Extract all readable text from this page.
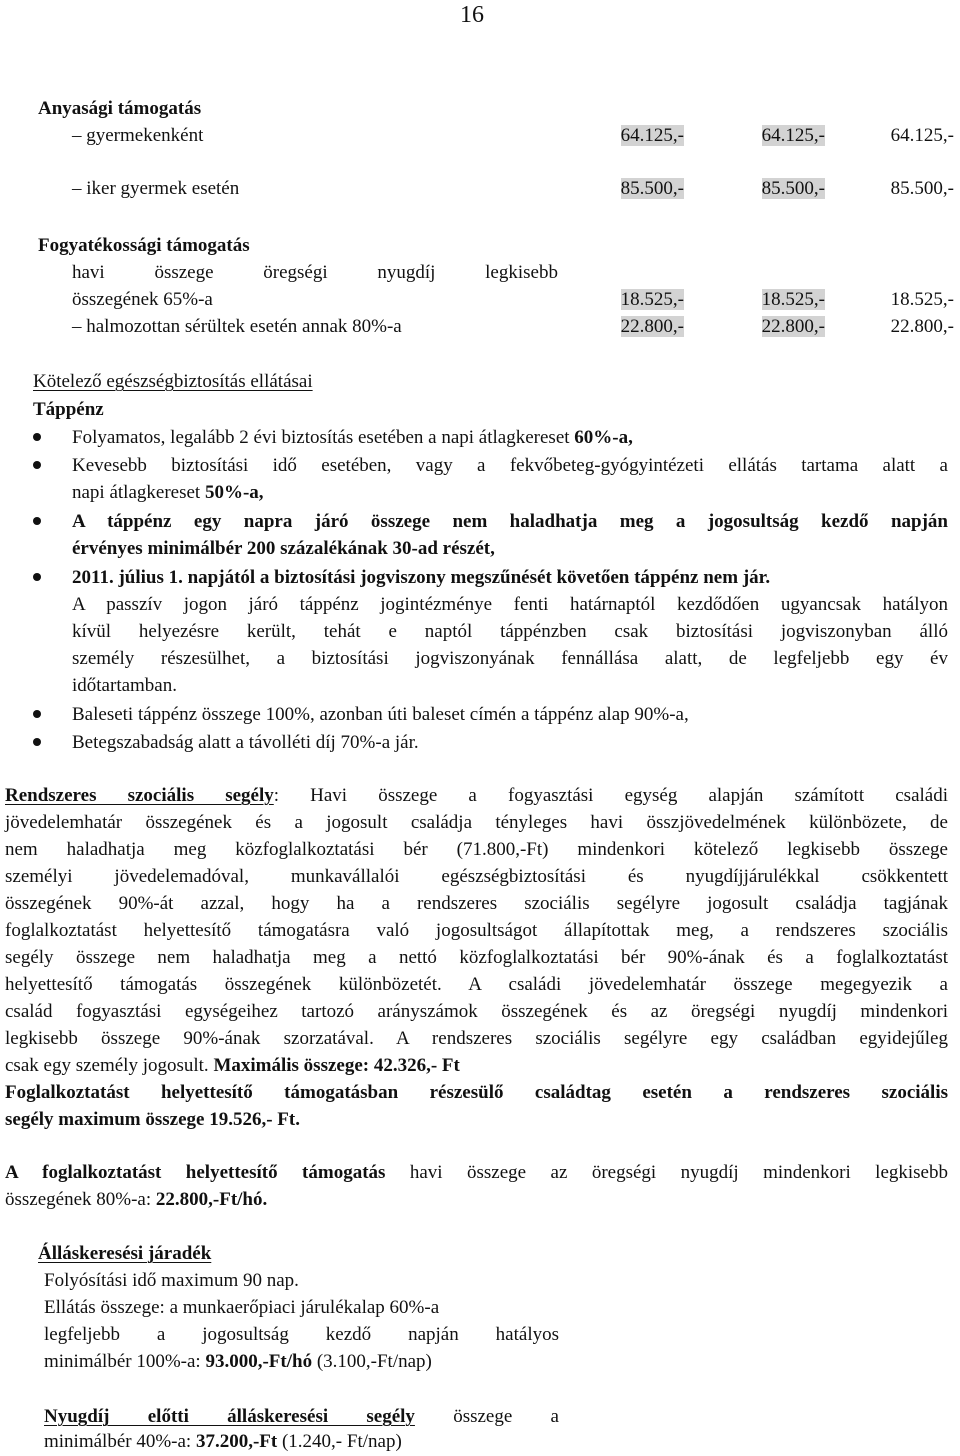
16
Anyasági támogatás
– gyermekenként	64.125,-	64.125,-	64.125,-
– iker gyermek esetén	85.500,-	85.500,-	85.500,-
Fogyatékossági támogatás
havi	összege	öregségi	nyugdíj	legkisebb
összegének 65%-a	18.525,-	18.525,-	18.525,-
– halmozottan sérültek esetén annak 80%-a	22.800,-	22.800,-	22.800,-
Kötelező egészségbiztosítás ellátásai
Táppénz
Folyamatos, legalább 2 évi biztosítás esetében a napi átlagkereset 60%-a,
Kevesebb biztosítási idő esetében, vagy a fekvőbeteg-gyógyintézeti ellátás tartama alatt a
napi átlagkereset 50%-a,
A táppénz egy napra járó összege nem haladhatja meg a jogosultság kezdő napján
érvényes minimálbér 200 százalékának 30-ad részét,
2011. július 1. napjától a biztosítási jogviszony megszűnését követően táppénz nem jár.
A passzív jogon járó táppénz jogintézménye fenti határnaptól kezdődően ugyancsak hatályon
kívül helyezésre került, tehát e naptól táppénzben csak biztosítási jogviszonyban álló
személy részesülhet, a biztosítási jogviszonyának fennállása alatt, de legfeljebb egy év
időtartamban.
Baleseti táppénz összege 100%, azonban úti baleset címén a táppénz alap 90%-a,
Betegszabadság alatt a távolléti díj 70%-a jár.
Rendszeres szociális segély: Havi összege a fogyasztási egység alapján számított családi
jövedelemhatár összegének és a jogosult családja tényleges havi összjövedelmének különbözete, de
nem haladhatja meg közfoglalkoztatási bér (71.800,-Ft) mindenkori kötelező legkisebb összege
személyi jövedelemadóval, munkavállalói egészségbiztosítási és nyugdíjjárulékkal csökkentett
összegének 90%-át azzal, hogy ha a rendszeres szociális segélyre jogosult családja tagjának
foglalkoztatást helyettesítő támogatásra való jogosultságot állapítottak meg, a rendszeres szociális
segély összege nem haladhatja meg a nettó közfoglalkoztatási bér 90%-ának és a foglalkoztatást
helyettesítő támogatás összegének különbözetét. A családi jövedelemhatár összege megegyezik a
család fogyasztási egységeihez tartozó arányszámok összegének és az öregségi nyugdíj mindenkori
legkisebb összege 90%-ának szorzatával. A rendszeres szociális segélyre egy családban egyidejűleg
csak egy személy jogosult. Maximális összege: 42.326,- Ft
Foglalkoztatást helyettesítő támogatásban részesülő családtag esetén a rendszeres szociális
segély maximum összege 19.526,- Ft.
A foglalkoztatást helyettesítő támogatás havi összege az öregségi nyugdíj mindenkori legkisebb
összegének 80%-a: 22.800,-Ft/hó.
Álláskeresési járadék
Folyósítási idő maximum 90 nap.
Ellátás összege: a munkaerőpiaci járulékalap 60%-a
legfeljebb a jogosultság kezdő napján hatályos
minimálbér 100%-a: 93.000,-Ft/hó (3.100,-Ft/nap)
Nyugdíj előtti álláskeresési segély összege a
minimálbér 40%-a: 37.200,-Ft (1.240,- Ft/nap)
